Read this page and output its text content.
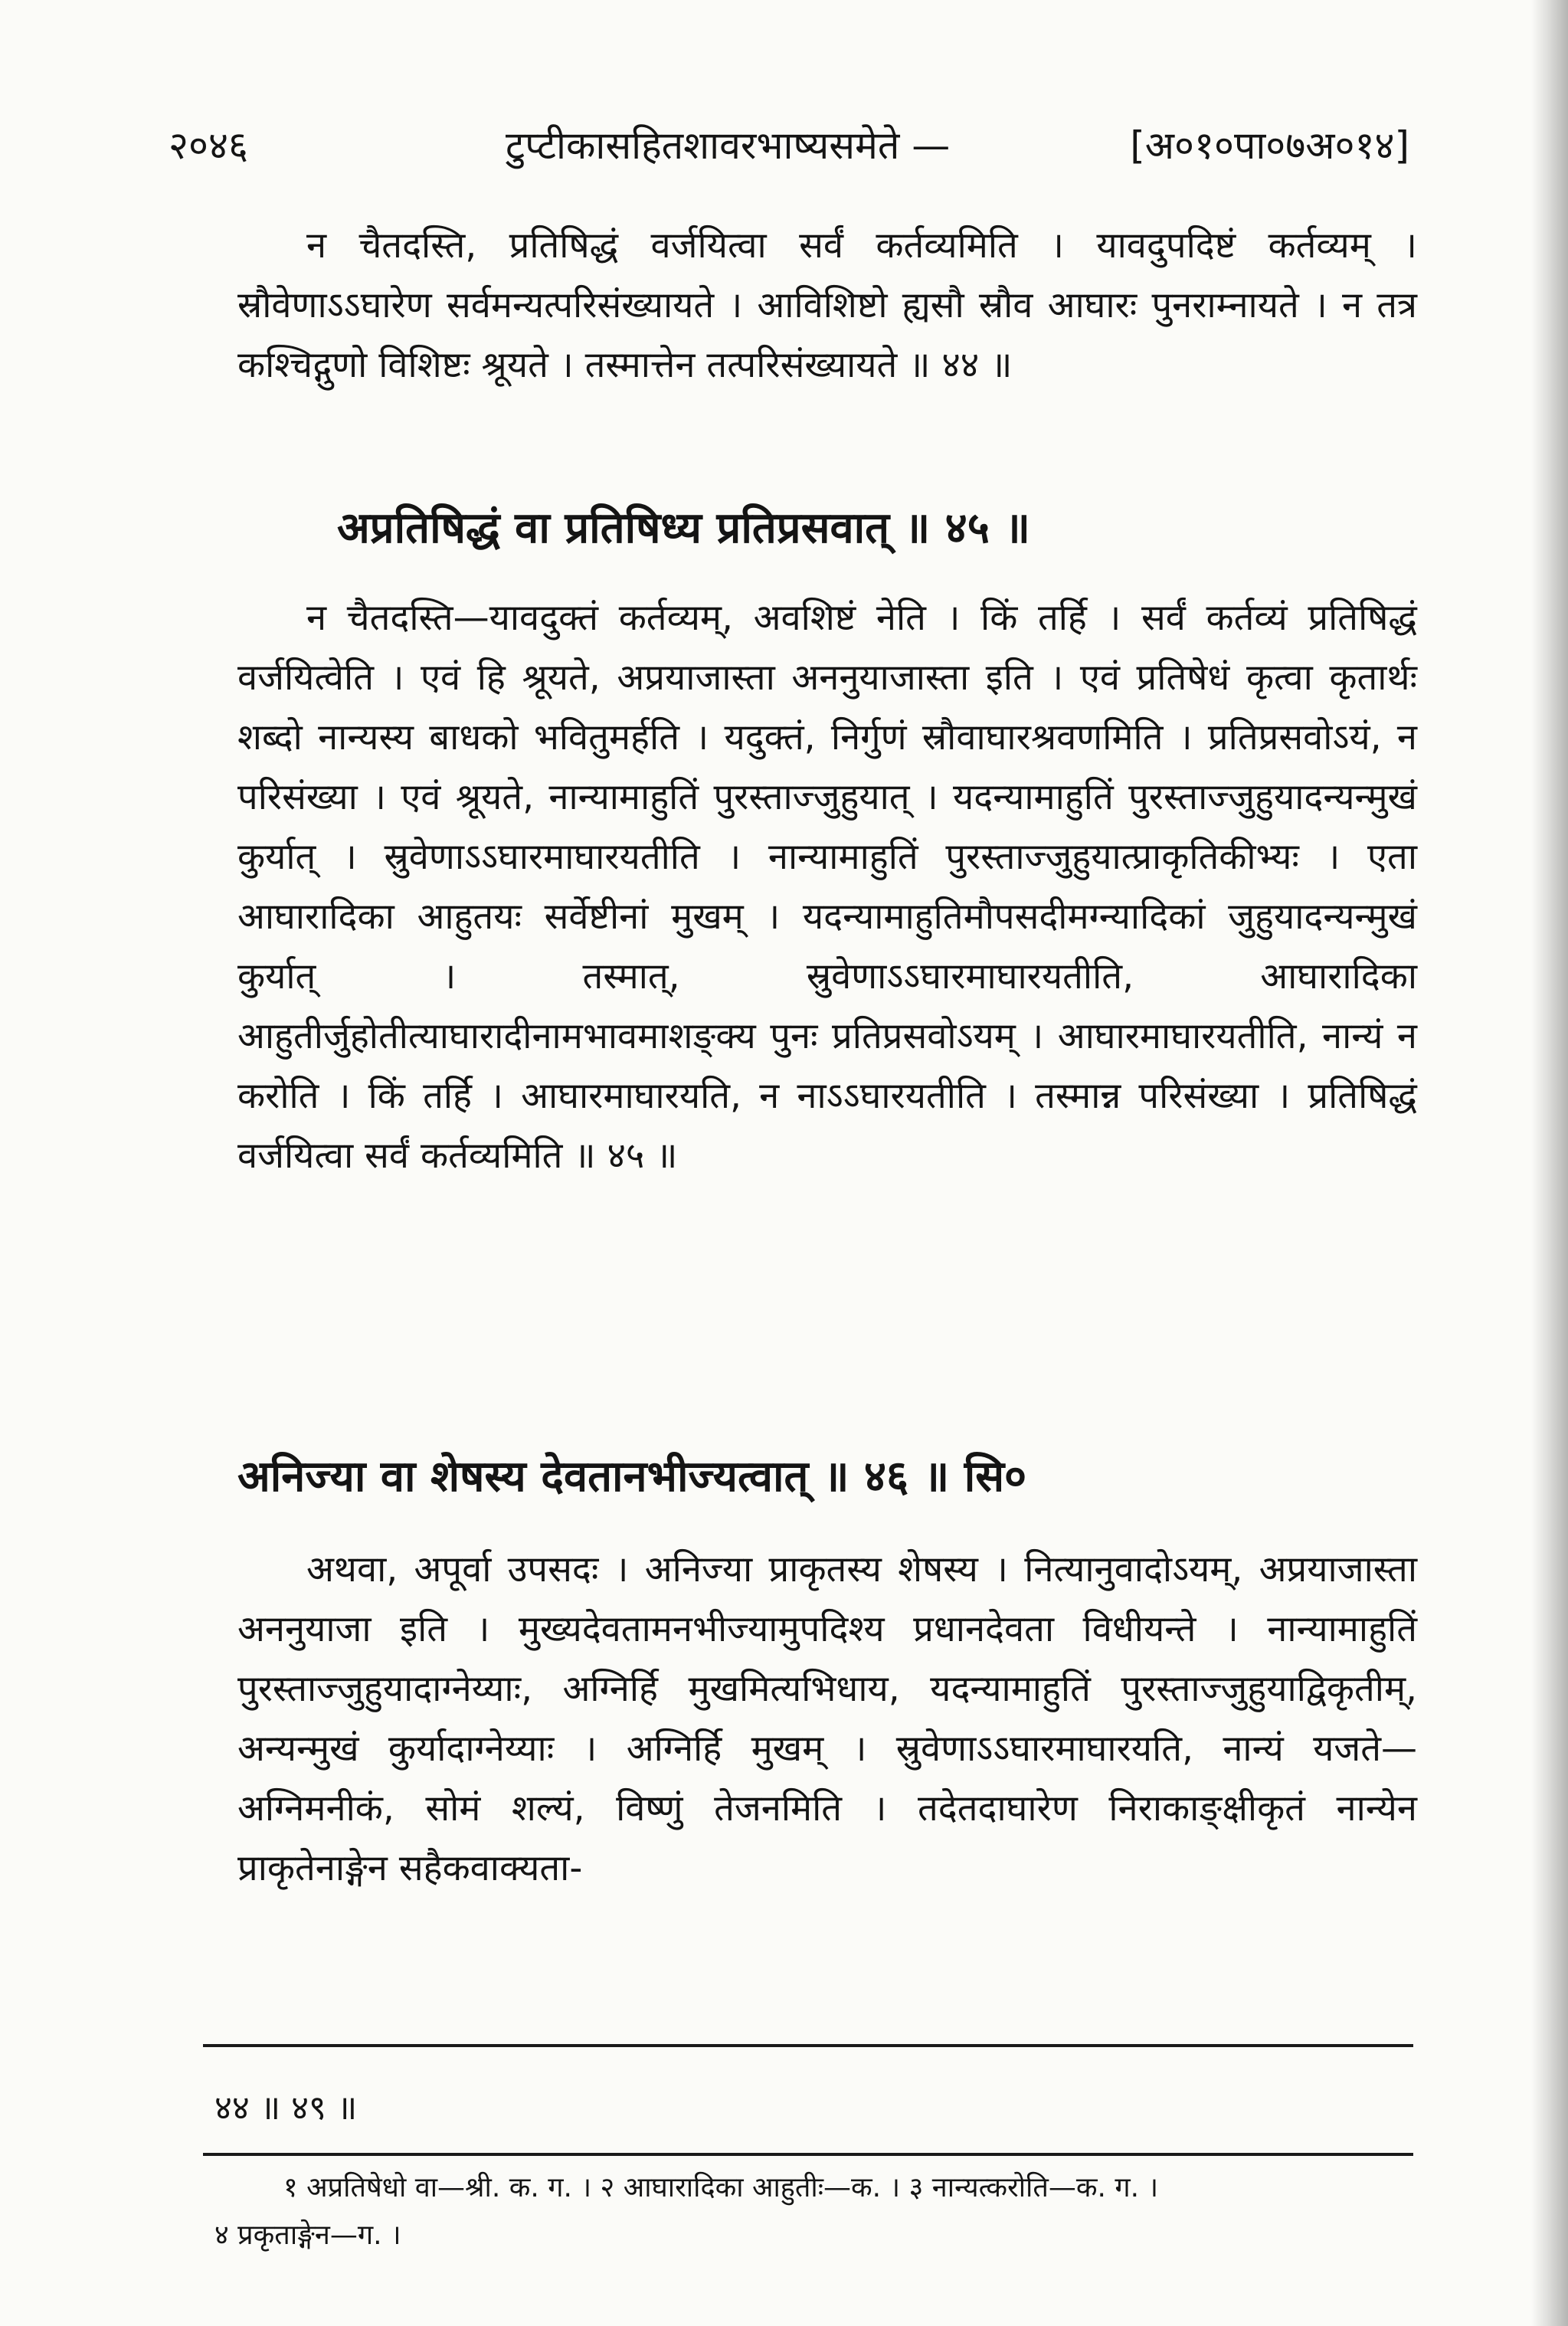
२०४६	टुप्टीकासहितशावरभाष्यसमेते —	[अ०१०पा०७अ०१४]

न चैतदस्ति, प्रतिषिद्धं वर्जयित्वा सर्वं कर्तव्यमिति । यावदुपदिष्टं कर्तव्यम् । स्रौवेणाऽऽघारेण सर्वमन्यत्परिसंख्यायते । आविशिष्टो ह्यसौ स्रौव आघारः पुनराम्नायते । न तत्र कश्चिद्गुणो विशिष्टः श्रूयते । तस्मात्तेन तत्परिसंख्यायते ॥ ४४ ॥

अप्रतिषिद्धं वा प्रतिषिध्य प्रतिप्रसवात् ॥ ४५ ॥

न चैतदस्ति—यावदुक्तं कर्तव्यम्, अवशिष्टं नेति । किं तर्हि । सर्वं कर्तव्यं प्रतिषिद्धं वर्जयित्वेति । एवं हि श्रूयते, अप्रयाजास्ता अननुयाजास्ता इति । एवं प्रतिषेधं कृत्वा कृतार्थः शब्दो नान्यस्य बाधको भवितुमर्हति । यदुक्तं, निर्गुणं स्रौवाघारश्रवणमिति । प्रतिप्रसवोऽयं, न परिसंख्या । एवं श्रूयते, नान्यामाहुतिं पुरस्ताज्जुहुयात् । यदन्यामाहुतिं पुरस्ताज्जुहुयादन्यन्मुखं कुर्यात् । स्रुवेणाऽऽघारमाघारयतीति । नान्यामाहुतिं पुरस्ताज्जुहुयात्प्राकृतिकीभ्यः । एता आघारादिका आहुतयः सर्वेष्टीनां मुखम् । यदन्यामाहुतिमौपसदीमग्न्यादिकां जुहुयादन्यन्मुखं कुर्यात् । तस्मात्, स्रुवेणाऽऽघारमाघारयतीति, आघारादिका आहुतीर्जुहोतीत्याघारादीनामभावमाशङ्क्य पुनः प्रतिप्रसवोऽयम् । आघारमाघारयतीति, नान्यं न करोति । किं तर्हि । आघारमाघारयति, न नाऽऽघारयतीति । तस्मान्न परिसंख्या । प्रतिषिद्धं वर्जयित्वा सर्वं कर्तव्यमिति ॥ ४५ ॥

अनिज्या वा शेषस्य देवतानभीज्यत्वात् ॥ ४६ ॥ सि०

अथवा, अपूर्वा उपसदः । अनिज्या प्राकृतस्य शेषस्य । नित्यानुवादोऽयम्, अप्रयाजास्ता अननुयाजा इति । मुख्यदेवतामनभीज्यामुपदिश्य प्रधानदेवता विधीयन्ते । नान्यामाहुतिं पुरस्ताज्जुहुयादाग्नेय्याः, अग्निर्हि मुखमित्यभिधाय, यदन्यामाहुतिं पुरस्ताज्जुहुयाद्विकृतीम्, अन्यन्मुखं कुर्यादाग्नेय्याः । अग्निर्हि मुखम् । स्रुवेणाऽऽघारमाघारयति, नान्यं यजते—अग्निमनीकं, सोमं शल्यं, विष्णुं तेजनमिति । तदेतदाघारेण निराकाङ्क्षीकृतं नान्येन प्राकृतेनाङ्गेन सहैकवाक्यता-

४४ ॥ ४९ ॥
१ अप्रतिषेधो वा—श्री. क. ग. । २ आघारादिका आहुतीः—क. । ३ नान्यत्करोति—क. ग. ।
४ प्रकृताङ्गेन—ग. ।
